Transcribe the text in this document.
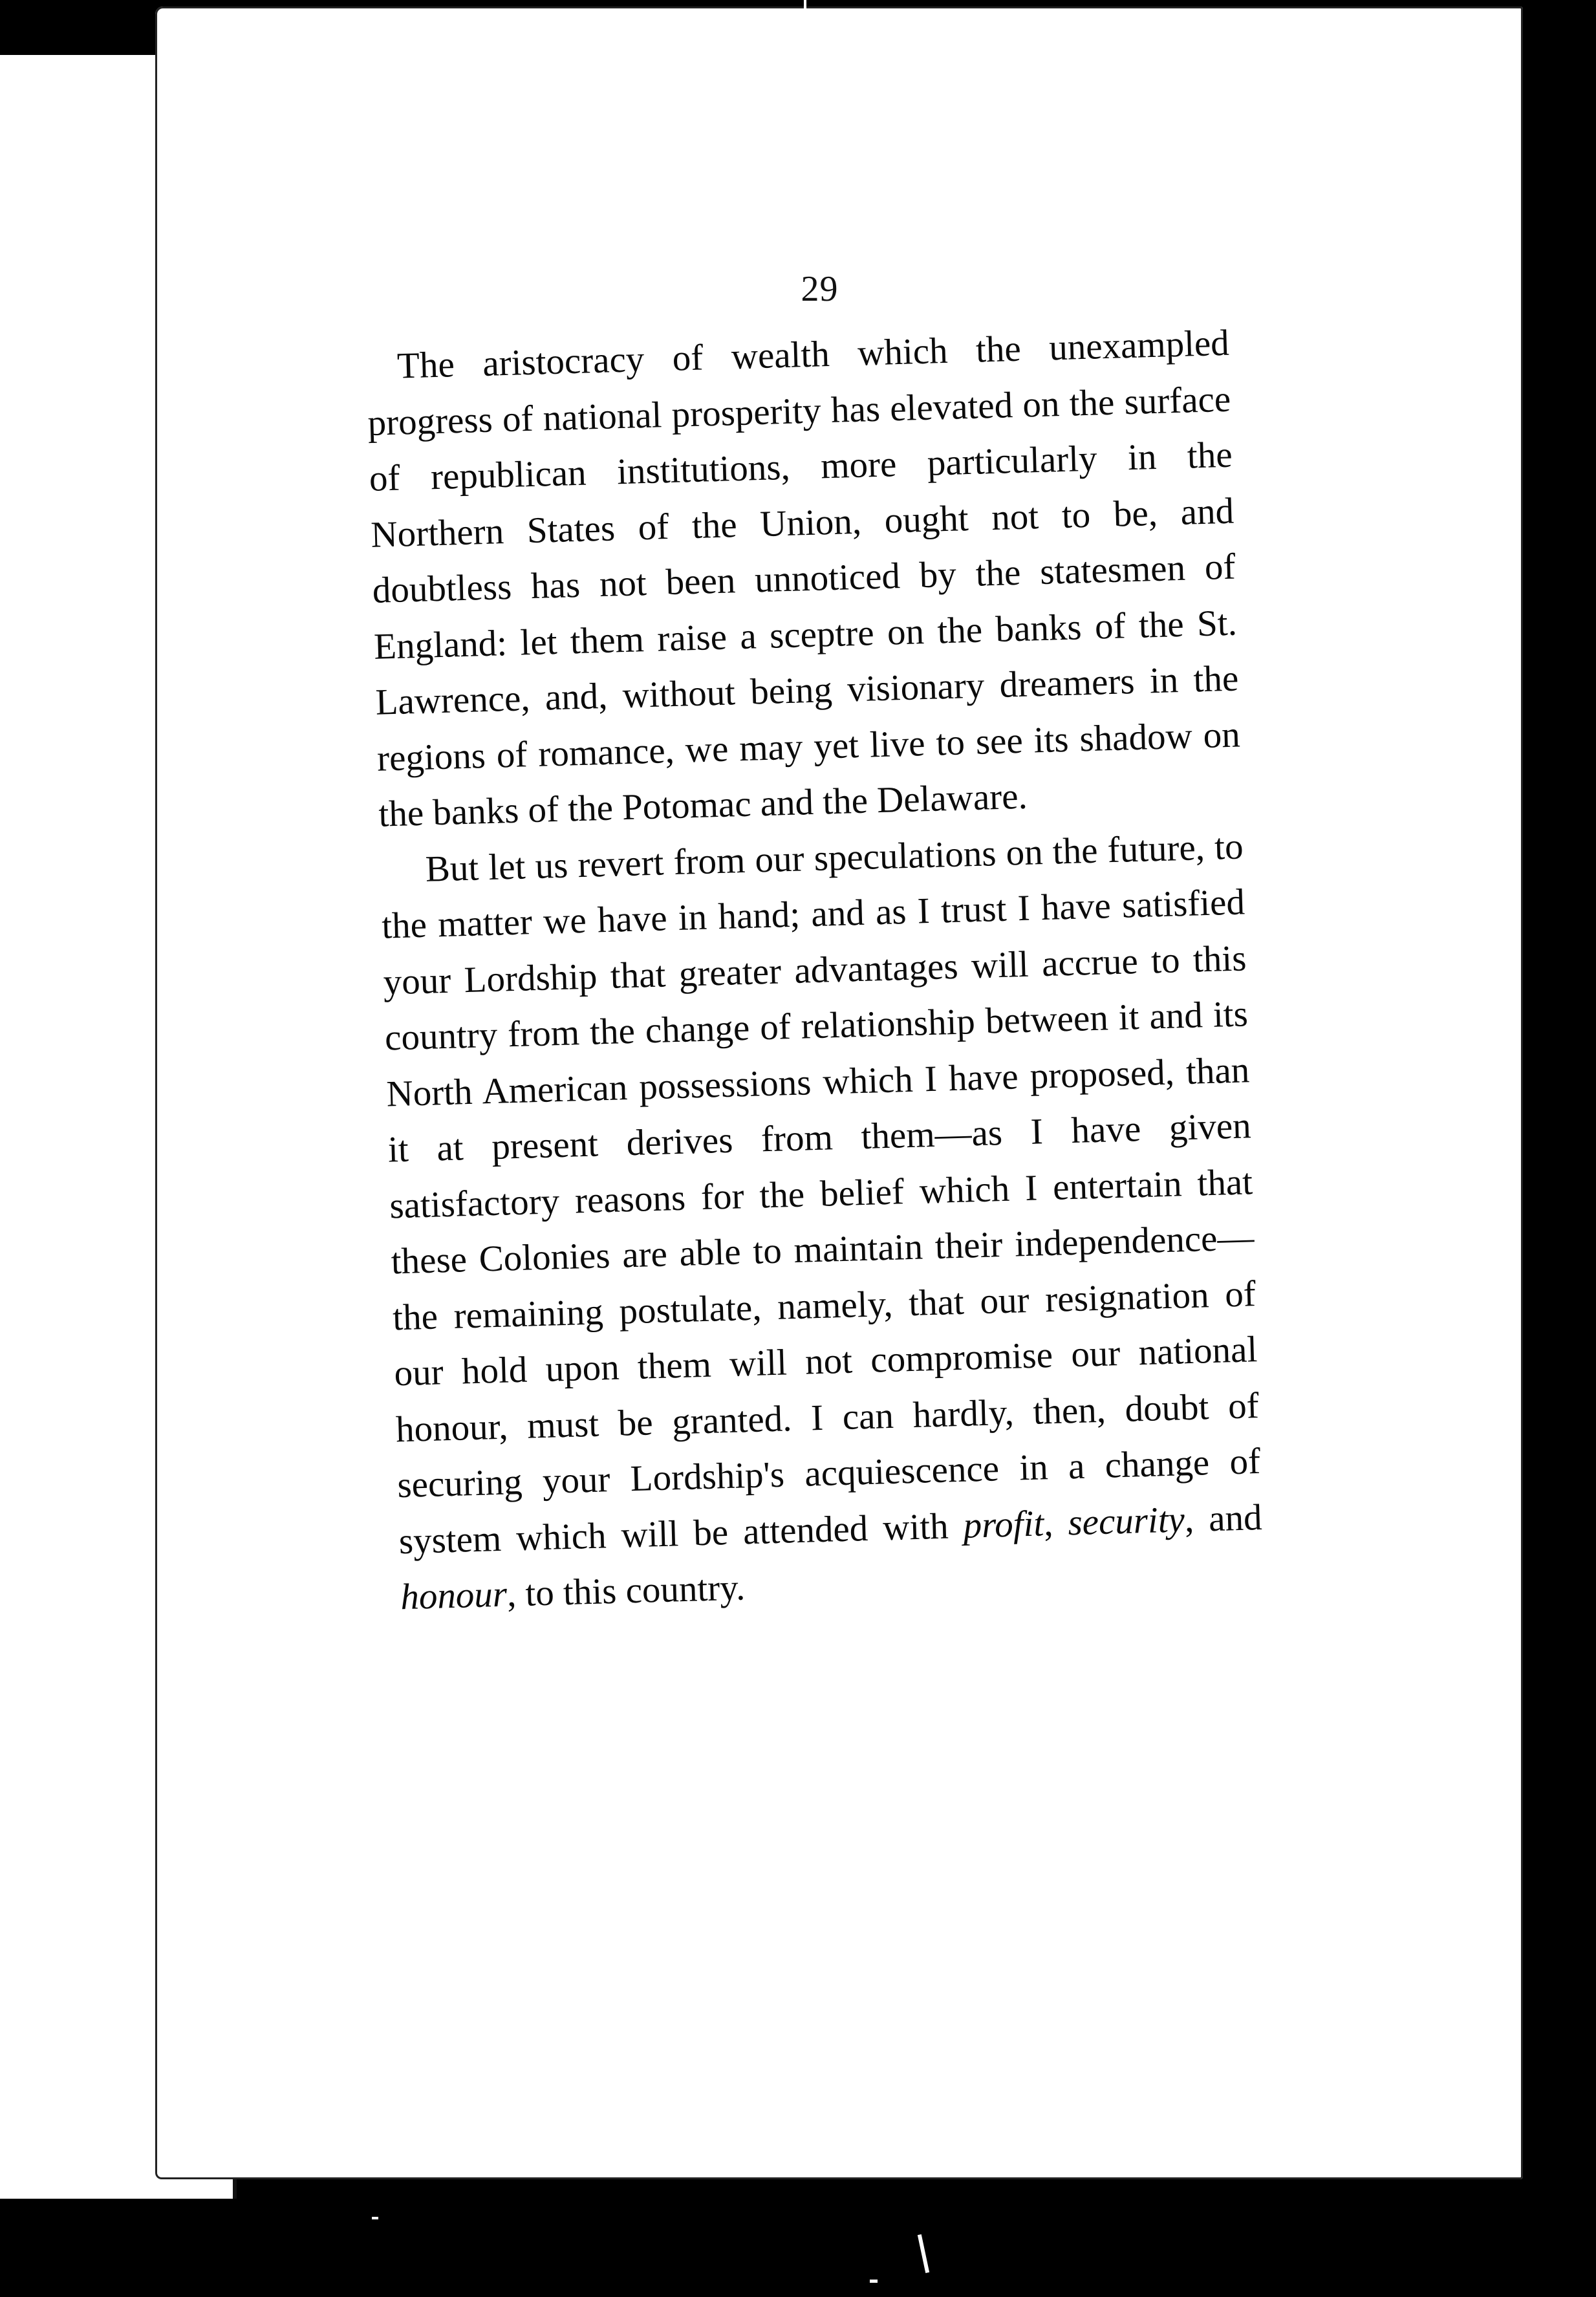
29

The aristocracy of wealth which the unexampled progress of national prosperity has elevated on the surface of republican institutions, more particularly in the Northern States of the Union, ought not to be, and doubtless has not been unnoticed by the statesmen of England: let them raise a sceptre on the banks of the St. Lawrence, and, without being visionary dreamers in the regions of romance, we may yet live to see its shadow on the banks of the Potomac and the Delaware.

But let us revert from our speculations on the future, to the matter we have in hand; and as I trust I have satisfied your Lordship that greater advantages will accrue to this country from the change of relationship between it and its North American possessions which I have proposed, than it at present derives from them—as I have given satisfactory reasons for the belief which I entertain that these Colonies are able to maintain their independence—the remaining postulate, namely, that our resignation of our hold upon them will not compromise our national honour, must be granted. I can hardly, then, doubt of securing your Lordship's acquiescence in a change of system which will be attended with profit, security, and honour, to this country.
